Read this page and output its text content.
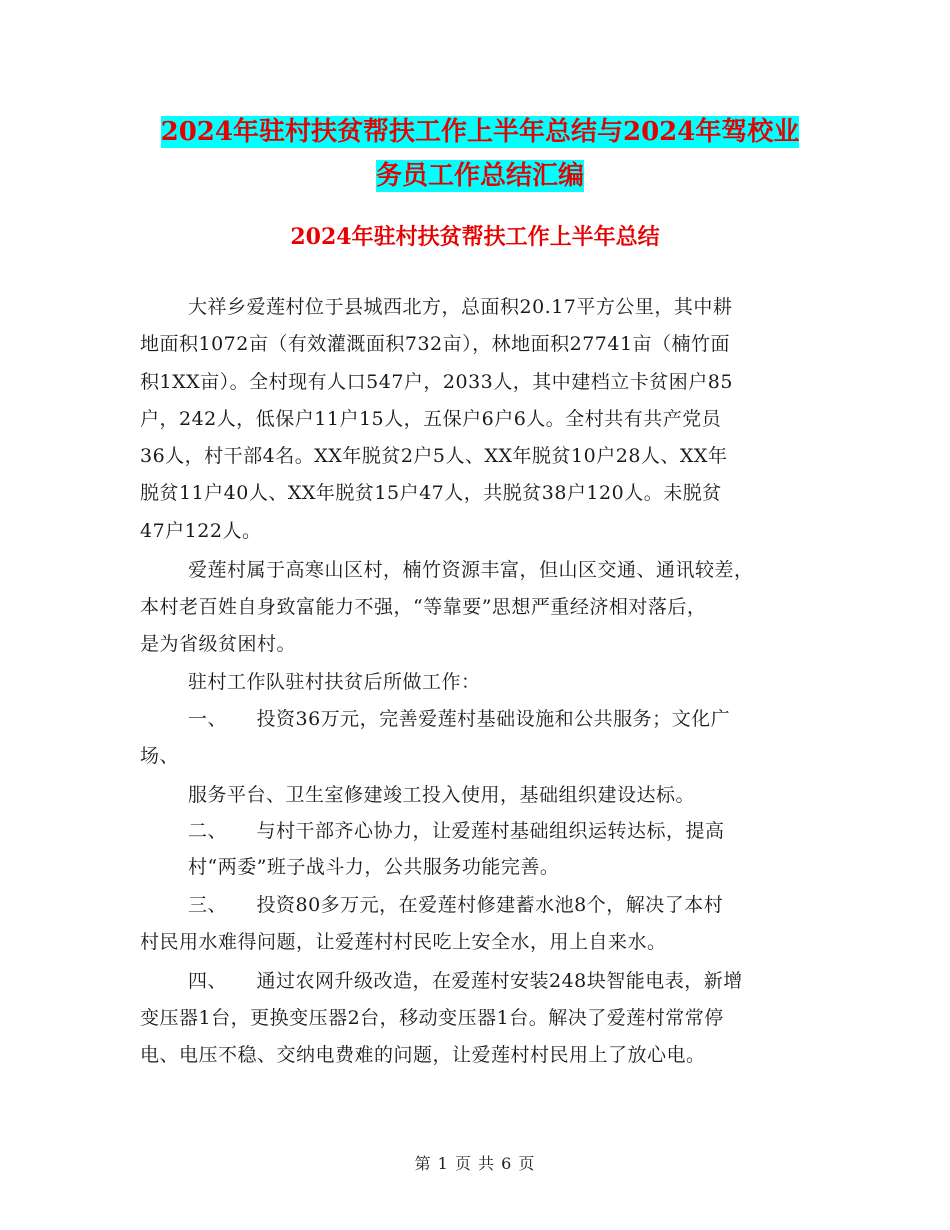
2024年驻村扶贫帮扶工作上半年总结与2024年驾校业
务员工作总结汇编
2024年驻村扶贫帮扶工作上半年总结
大祥乡爱莲村位于县城西北方，总面积20.17平方公里，其中耕
地面积1072亩（有效灌溉面积732亩），林地面积27741亩（楠竹面
积1XX亩）。全村现有人口547户，2033人，其中建档立卡贫困户85
户，242人，低保户11户15人，五保户6户6人。全村共有共产党员
36人，村干部4名。XX年脱贫2户5人、XX年脱贫10户28人、XX年
脱贫11户40人、XX年脱贫15户47人，共脱贫38户120人。未脱贫
47户122人。
爱莲村属于高寒山区村，楠竹资源丰富，但山区交通、通讯较差，
本村老百姓自身致富能力不强，“等靠要”思想严重经济相对落后，
是为省级贫困村。
驻村工作队驻村扶贫后所做工作：
一、　　投资36万元，完善爱莲村基础设施和公共服务；文化广
场、
服务平台、卫生室修建竣工投入使用，基础组织建设达标。
二、　　与村干部齐心协力，让爱莲村基础组织运转达标，提高
村“两委”班子战斗力，公共服务功能完善。
三、　　投资80多万元，在爱莲村修建蓄水池8个，解决了本村
村民用水难得问题，让爱莲村村民吃上安全水，用上自来水。
四、　　通过农网升级改造，在爱莲村安装248块智能电表，新增
变压器1台，更换变压器2台，移动变压器1台。解决了爱莲村常常停
电、电压不稳、交纳电费难的问题，让爱莲村村民用上了放心电。
第 1 页 共 6 页
